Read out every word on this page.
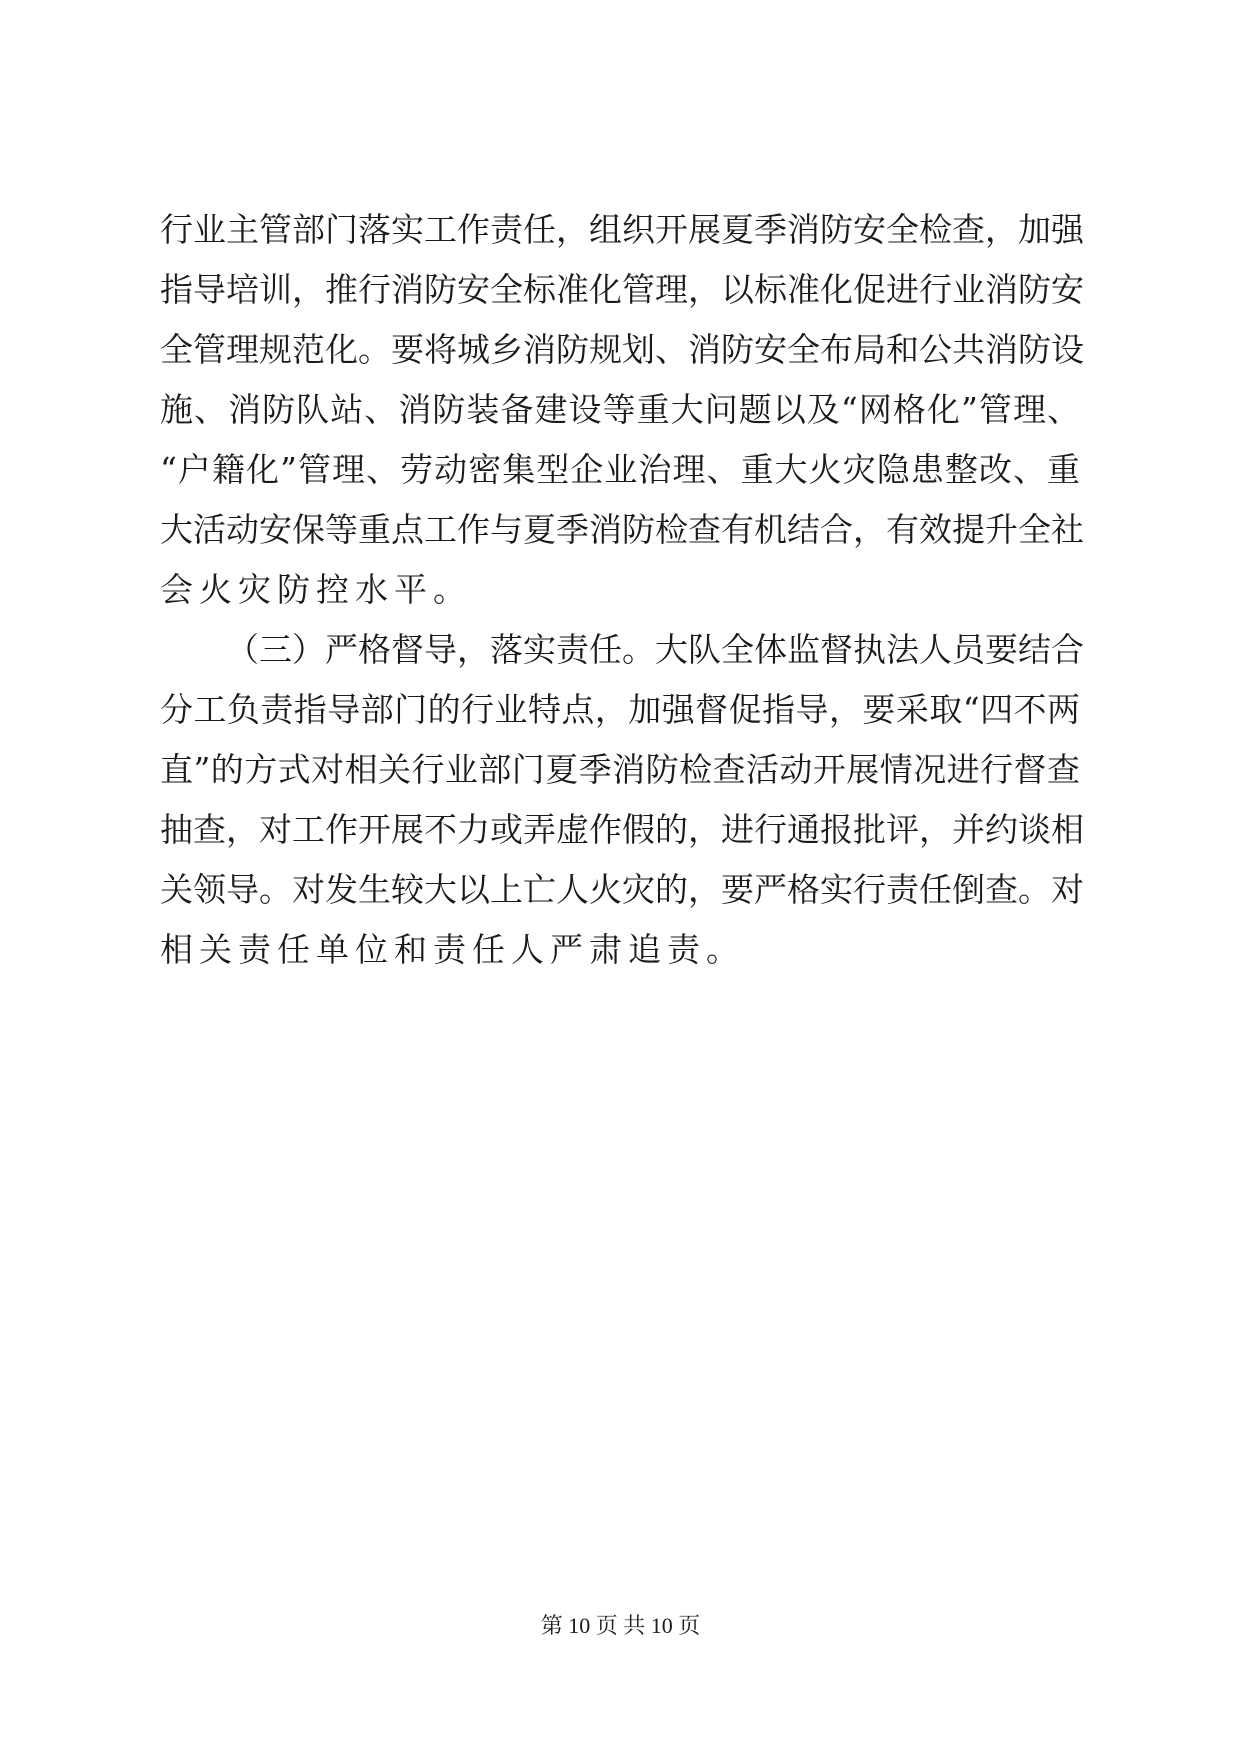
行业主管部门落实工作责任，组织开展夏季消防安全检查，加强
指导培训，推行消防安全标准化管理，以标准化促进行业消防安
全管理规范化。要将城乡消防规划、消防安全布局和公共消防设
施、消防队站、消防装备建设等重大问题以及“网格化”管理、
“户籍化”管理、劳动密集型企业治理、重大火灾隐患整改、重
大活动安保等重点工作与夏季消防检查有机结合，有效提升全社
会火灾防控水平。
（三）严格督导，落实责任。大队全体监督执法人员要结合
分工负责指导部门的行业特点，加强督促指导，要采取“四不两
直”的方式对相关行业部门夏季消防检查活动开展情况进行督查
抽查，对工作开展不力或弄虚作假的，进行通报批评，并约谈相
关领导。对发生较大以上亡人火灾的，要严格实行责任倒查。对
相关责任单位和责任人严肃追责。
第 10 页 共 10 页
